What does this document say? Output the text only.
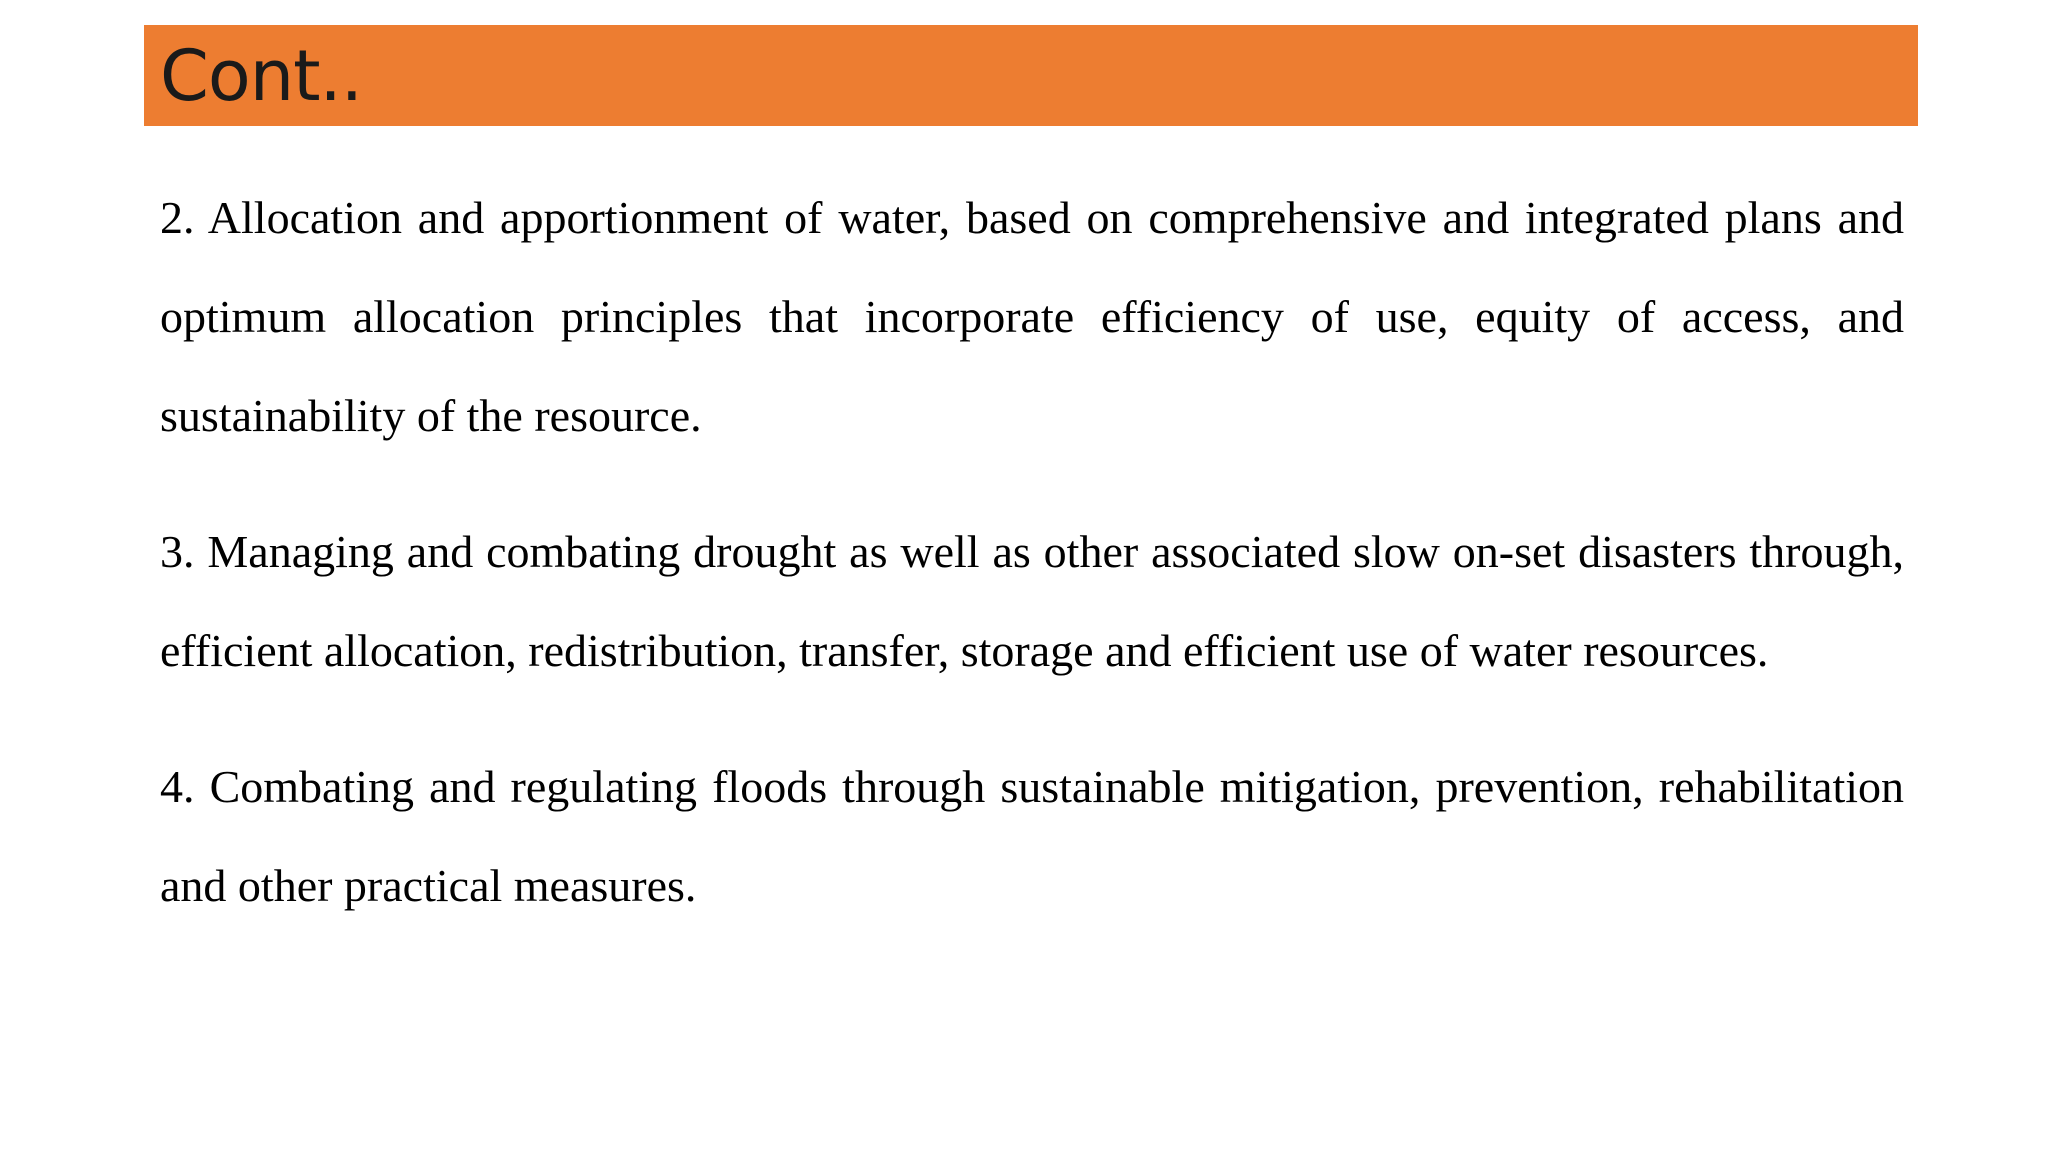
Cont..

2. Allocation and apportionment of water, based on comprehensive and integrated plans and optimum allocation principles that incorporate efficiency of use, equity of access, and sustainability of the resource.

3. Managing and combating drought as well as other associated slow on-set disasters through, efficient allocation, redistribution, transfer, storage and efficient use of water resources.

4. Combating and regulating floods through sustainable mitigation, prevention, rehabilitation and other practical measures.
